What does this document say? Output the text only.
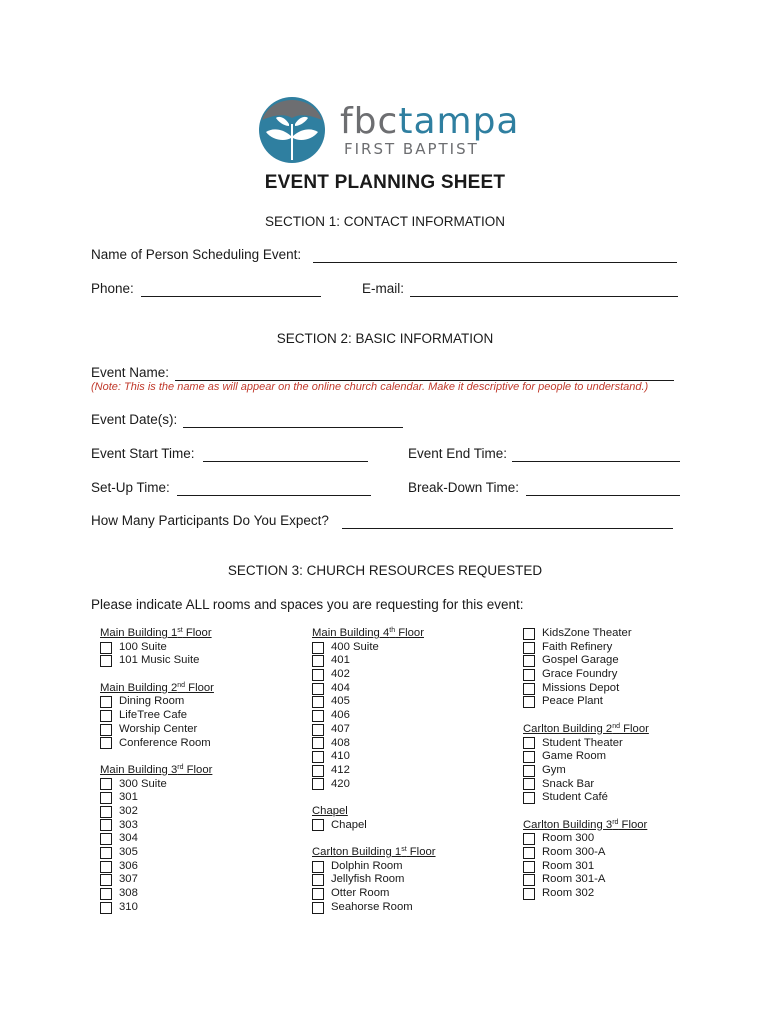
fbctampa
FIRST BAPTIST
EVENT PLANNING SHEET
SECTION 1: CONTACT INFORMATION
Name of Person Scheduling Event:
Phone:	E-mail:
SECTION 2: BASIC INFORMATION
Event Name:
(Note: This is the name as will appear on the online church calendar. Make it descriptive for people to understand.)
Event Date(s):
Event Start Time:	Event End Time:
Set-Up Time:	Break-Down Time:
How Many Participants Do You Expect?
SECTION 3: CHURCH RESOURCES REQUESTED
Please indicate ALL rooms and spaces you are requesting for this event:
Main Building 1st Floor
100 Suite
101 Music Suite
Main Building 2nd Floor
Dining Room
LifeTree Cafe
Worship Center
Conference Room
Main Building 3rd Floor
300 Suite
301
302
303
304
305
306
307
308
310
Main Building 4th Floor
400 Suite
401
402
404
405
406
407
408
410
412
420
Chapel
Chapel
Carlton Building 1st Floor
Dolphin Room
Jellyfish Room
Otter Room
Seahorse Room
KidsZone Theater
Faith Refinery
Gospel Garage
Grace Foundry
Missions Depot
Peace Plant
Carlton Building 2nd Floor
Student Theater
Game Room
Gym
Snack Bar
Student Café
Carlton Building 3rd Floor
Room 300
Room 300-A
Room 301
Room 301-A
Room 302
